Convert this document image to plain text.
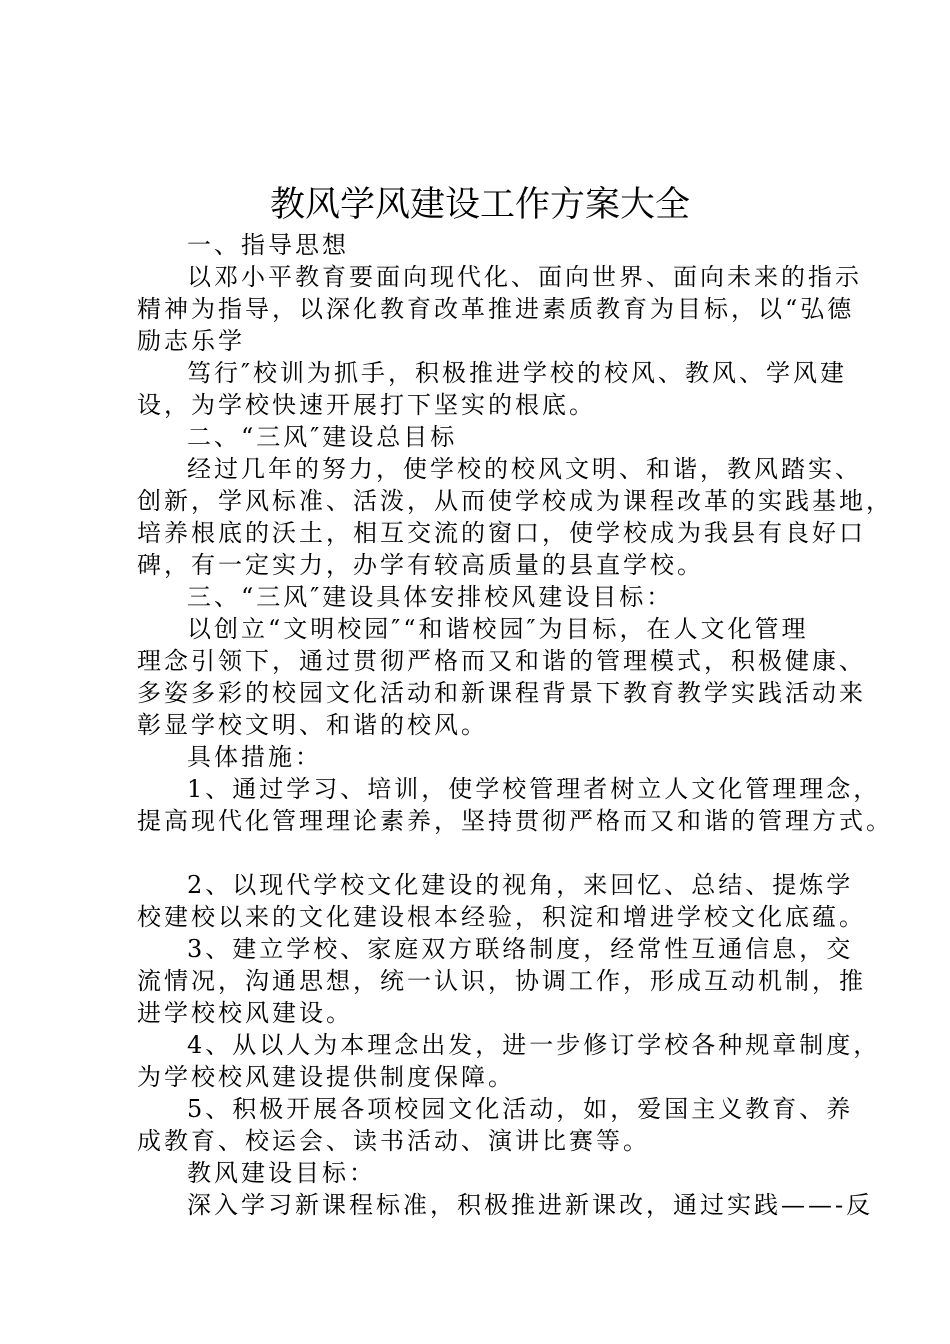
教风学风建设工作方案大全
一、指导思想
以邓小平教育要面向现代化、面向世界、面向未来的指示
精神为指导，以深化教育改革推进素质教育为目标，以“弘德
励志乐学
笃行″校训为抓手，积极推进学校的校风、教风、学风建
设，为学校快速开展打下坚实的根底。
二、“三风″建设总目标
经过几年的努力，使学校的校风文明、和谐，教风踏实、
创新，学风标准、活泼，从而使学校成为课程改革的实践基地，
培养根底的沃土，相互交流的窗口，使学校成为我县有良好口
碑，有一定实力，办学有较高质量的县直学校。
三、“三风″建设具体安排校风建设目标：
以创立“文明校园″“和谐校园″为目标，在人文化管理
理念引领下，通过贯彻严格而又和谐的管理模式，积极健康、
多姿多彩的校园文化活动和新课程背景下教育教学实践活动来
彰显学校文明、和谐的校风。
具体措施：
1、通过学习、培训，使学校管理者树立人文化管理理念，
提高现代化管理理论素养，坚持贯彻严格而又和谐的管理方式。
2、以现代学校文化建设的视角，来回忆、总结、提炼学
校建校以来的文化建设根本经验，积淀和增进学校文化底蕴。
3、建立学校、家庭双方联络制度，经常性互通信息，交
流情况，沟通思想，统一认识，协调工作，形成互动机制，推
进学校校风建设。
4、从以人为本理念出发，进一步修订学校各种规章制度，
为学校校风建设提供制度保障。
5、积极开展各项校园文化活动，如，爱国主义教育、养
成教育、校运会、读书活动、演讲比赛等。
教风建设目标：
深入学习新课程标准，积极推进新课改，通过实践——-反
